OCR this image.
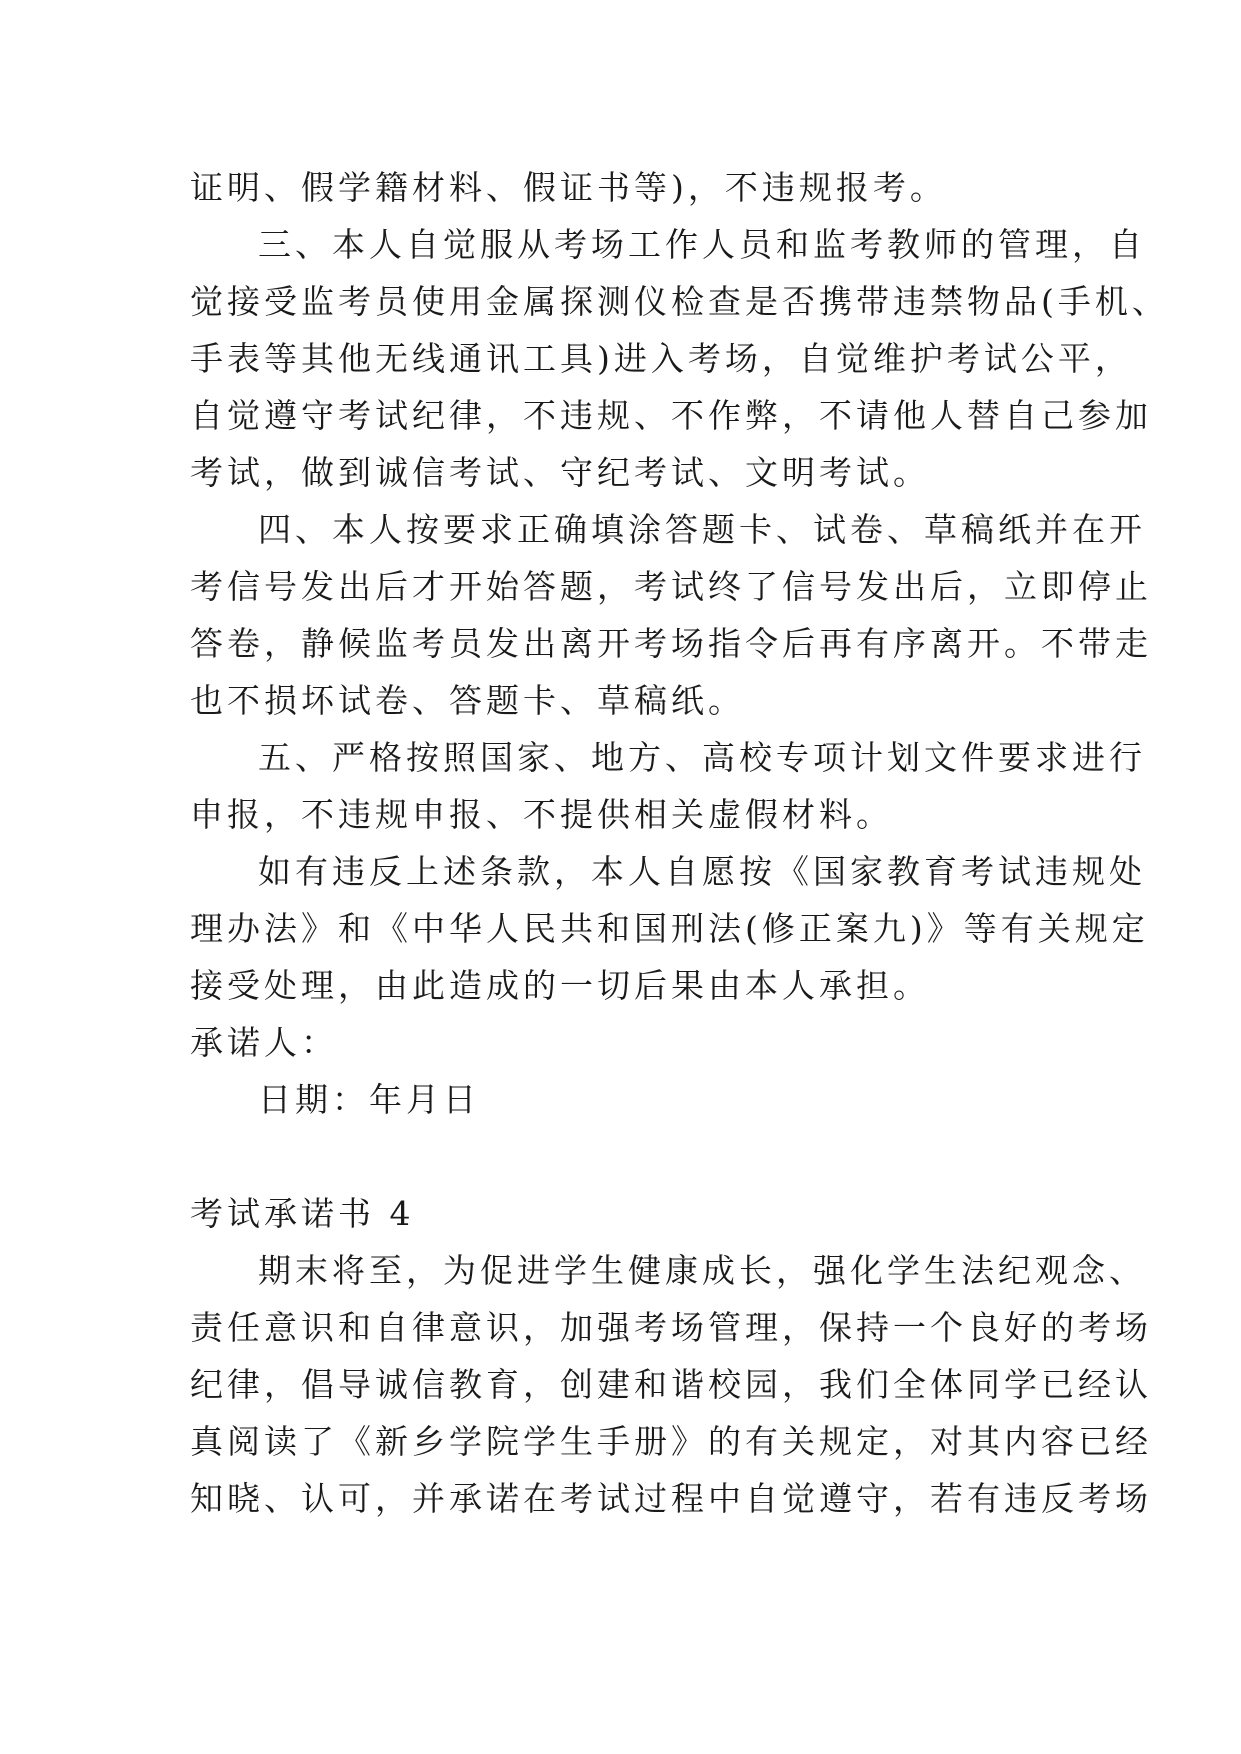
证明、假学籍材料、假证书等)，不违规报考。
三、本人自觉服从考场工作人员和监考教师的管理，自
觉接受监考员使用金属探测仪检查是否携带违禁物品(手机、
手表等其他无线通讯工具)进入考场，自觉维护考试公平，
自觉遵守考试纪律，不违规、不作弊，不请他人替自己参加
考试，做到诚信考试、守纪考试、文明考试。
四、本人按要求正确填涂答题卡、试卷、草稿纸并在开
考信号发出后才开始答题，考试终了信号发出后，立即停止
答卷，静候监考员发出离开考场指令后再有序离开。不带走
也不损坏试卷、答题卡、草稿纸。
五、严格按照国家、地方、高校专项计划文件要求进行
申报，不违规申报、不提供相关虚假材料。
如有违反上述条款，本人自愿按《国家教育考试违规处
理办法》和《中华人民共和国刑法(修正案九)》等有关规定
接受处理，由此造成的一切后果由本人承担。
承诺人：
日期：年月日
考试承诺书 4
期末将至，为促进学生健康成长，强化学生法纪观念、
责任意识和自律意识，加强考场管理，保持一个良好的考场
纪律，倡导诚信教育，创建和谐校园，我们全体同学已经认
真阅读了《新乡学院学生手册》的有关规定，对其内容已经
知晓、认可，并承诺在考试过程中自觉遵守，若有违反考场
